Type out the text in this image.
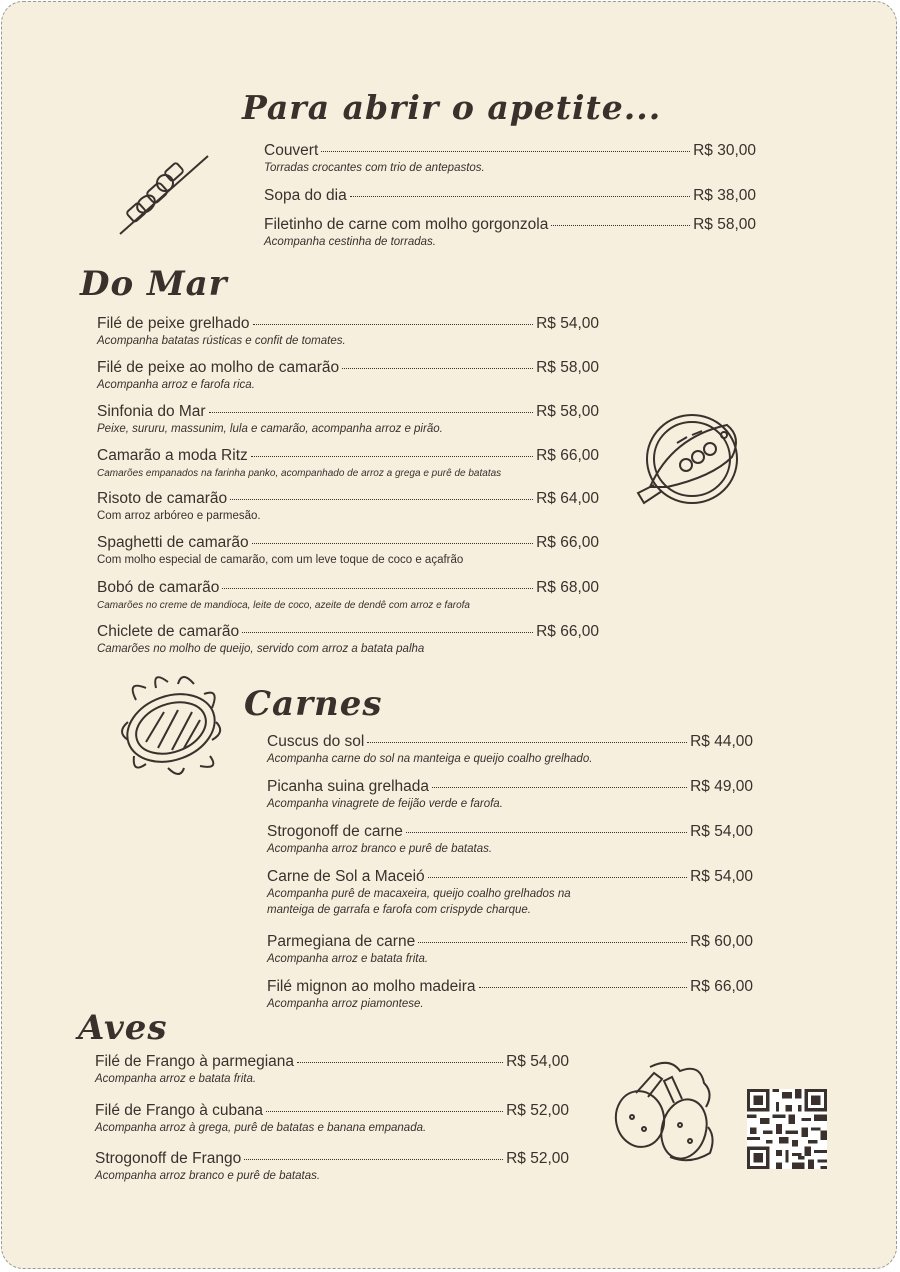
Para abrir o apetite...
Couvert	R$ 30,00
Torradas crocantes com trio de antepastos.
Sopa do dia	R$ 38,00
Filetinho de carne com molho gorgonzola	R$ 58,00
Acompanha cestinha de torradas.
Do Mar
Filé de peixe grelhado	R$ 54,00
Acompanha batatas rústicas e confit de tomates.
Filé de peixe ao molho de camarão	R$ 58,00
Acompanha arroz e farofa rica.
Sinfonia do Mar	R$ 58,00
Peixe, sururu, massunim, lula e camarão, acompanha arroz e pirão.
Camarão a moda Ritz	R$ 66,00
Camarões empanados na farinha panko, acompanhado de arroz a grega e purê de batatas
Risoto de camarão	R$ 64,00
Com arroz arbóreo e parmesão.
Spaghetti de camarão	R$ 66,00
Com molho especial de camarão, com um leve toque de coco e açafrão
Bobó de camarão	R$ 68,00
Camarões no creme de mandioca, leite de coco, azeite de dendê com arroz e farofa
Chiclete de camarão	R$ 66,00
Camarões no molho de queijo, servido com arroz a batata palha
Carnes
Cuscus do sol	R$ 44,00
Acompanha carne do sol na manteiga e queijo coalho grelhado.
Picanha suina grelhada	R$ 49,00
Acompanha vinagrete de feijão verde e farofa.
Strogonoff de carne	R$ 54,00
Acompanha arroz branco e purê de batatas.
Carne de Sol a Maceió	R$ 54,00
Acompanha purê de macaxeira, queijo coalho grelhados na
manteiga de garrafa e farofa com crispyde charque.
Parmegiana de carne	R$ 60,00
Acompanha arroz e batata frita.
Filé mignon ao molho madeira	R$ 66,00
Acompanha arroz piamontese.
Aves
Filé de Frango à parmegiana	R$ 54,00
Acompanha arroz e batata frita.
Filé de Frango à cubana	R$ 52,00
Acompanha arroz à grega, purê de batatas e banana empanada.
Strogonoff de Frango	R$ 52,00
Acompanha arroz branco e purê de batatas.
